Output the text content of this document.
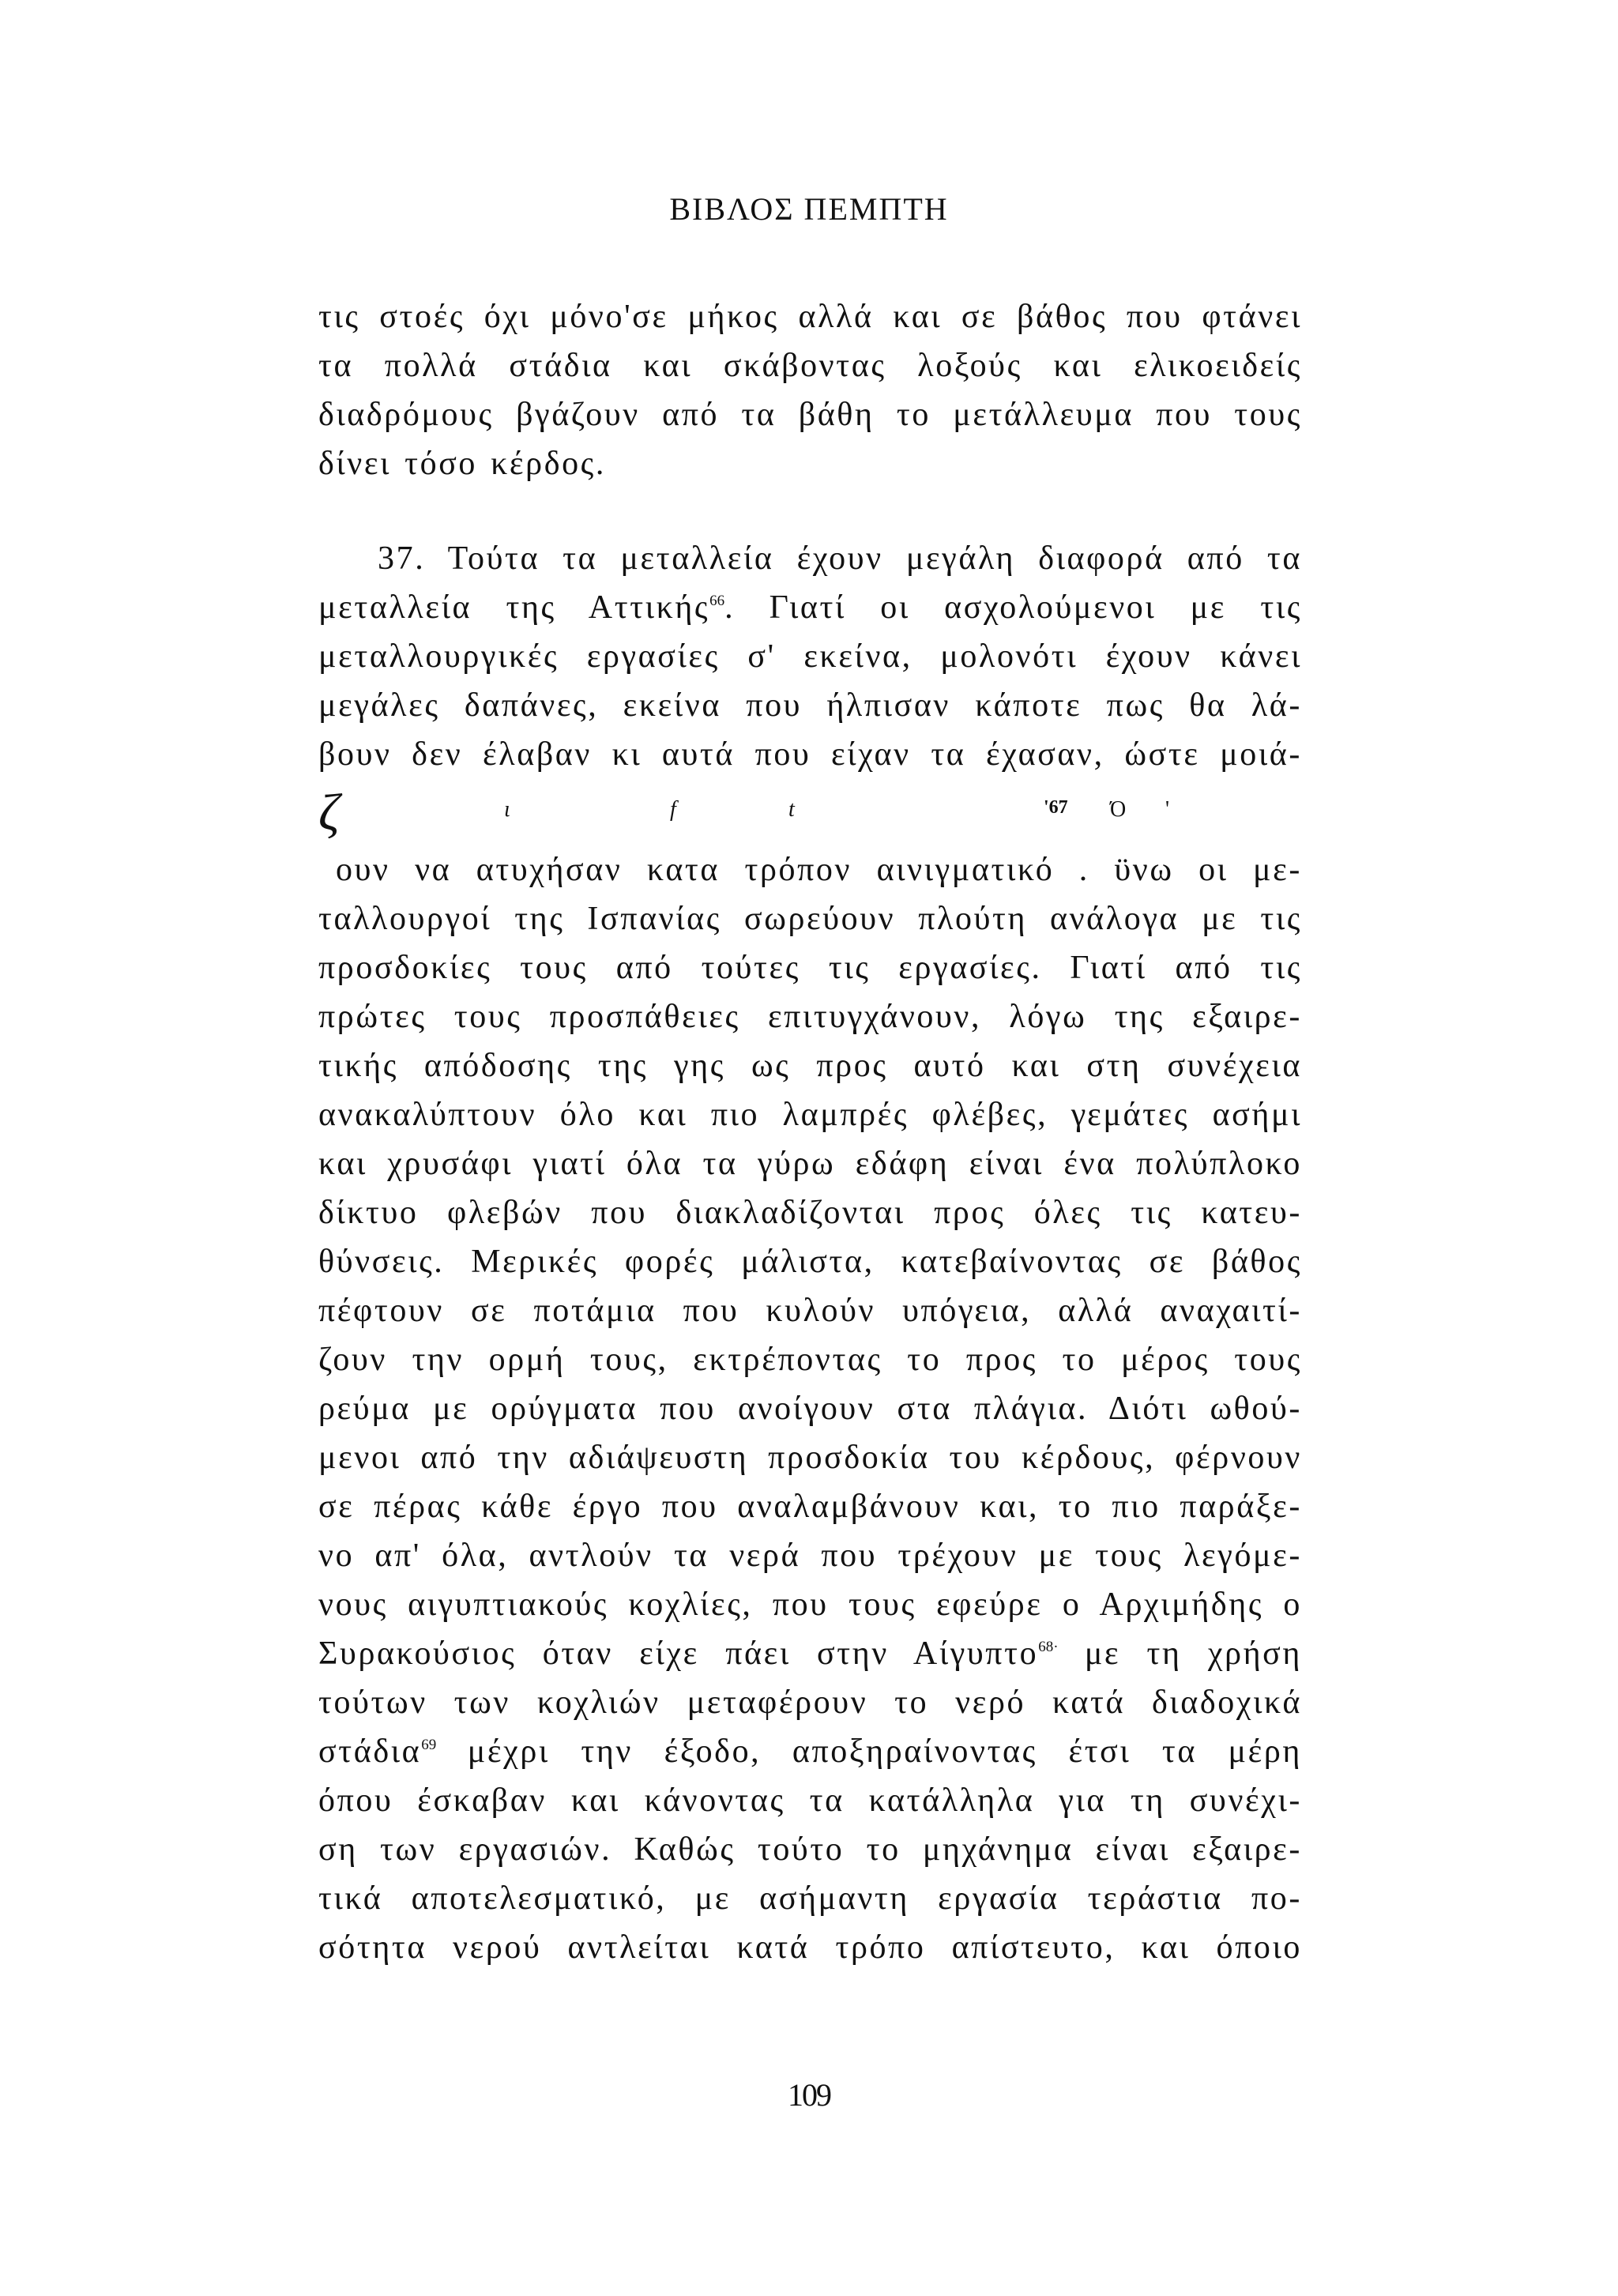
ΒΙΒΛΟΣ ΠΕΜΠΤΗ
τις στοές όχι μόνο'σε μήκος αλλά και σε βάθος που φτάνει
τα πολλά στάδια και σκάβοντας λοξούς και ελικοειδείς
διαδρόμους βγάζουν από τα βάθη το μετάλλευμα που τους
δίνει τόσο κέρδος.
37. Τούτα τα μεταλλεία έχουν μεγάλη διαφορά από τα
μεταλλεία της Αττικής$^{66}$. Γιατί οι ασχολούμενοι με τις
μεταλλουργικές εργασίες σ' εκείνα, μολονότι έχουν κάνει
μεγάλες δαπάνες, εκείνα που ήλπισαν κάποτε πως θα λά-
βουν δεν έλαβαν κι αυτά που είχαν τα έχασαν, ώστε μοιά-
ζ	ι	f	t	'67 Ό '
ουν να ατυχήσαν κατα τρόπον αινιγματικό . ϋνω οι με-
ταλλουργοί της Ισπανίας σωρεύουν πλούτη ανάλογα με τις
προσδοκίες τους από τούτες τις εργασίες. Γιατί από τις
πρώτες τους προσπάθειες επιτυγχάνουν, λόγω της εξαιρε-
τικής απόδοσης της γης ως προς αυτό και στη συνέχεια
ανακαλύπτουν όλο και πιο λαμπρές φλέβες, γεμάτες ασήμι
και χρυσάφι γιατί όλα τα γύρω εδάφη είναι ένα πολύπλοκο
δίκτυο φλεβών που διακλαδίζονται προς όλες τις κατευ-
θύνσεις. Μερικές φορές μάλιστα, κατεβαίνοντας σε βάθος
πέφτουν σε ποτάμια που κυλούν υπόγεια, αλλά αναχαιτί-
ζουν την ορμή τους, εκτρέποντας το προς το μέρος τους
ρεύμα με ορύγματα που ανοίγουν στα πλάγια. Διότι ωθού-
μενοι από την αδιάψευστη προσδοκία του κέρδους, φέρνουν
σε πέρας κάθε έργο που αναλαμβάνουν και, το πιο παράξε-
νο απ' όλα, αντλούν τα νερά που τρέχουν με τους λεγόμε-
νους αιγυπτιακούς κοχλίες, που τους εφεύρε ο Αρχιμήδης ο
Συρακούσιος όταν είχε πάει στην Αίγυπτο$^{68\cdot}$ με τη χρήση
τούτων των κοχλιών μεταφέρουν το νερό κατά διαδοχικά
στάδια$^{69}$ μέχρι την έξοδο, αποξηραίνοντας έτσι τα μέρη
όπου έσκαβαν και κάνοντας τα κατάλληλα για τη συνέχι-
ση των εργασιών. Καθώς τούτο το μηχάνημα είναι εξαιρε-
τικά αποτελεσματικό, με ασήμαντη εργασία τεράστια πο-
σότητα νερού αντλείται κατά τρόπο απίστευτο, και όποιο
109
